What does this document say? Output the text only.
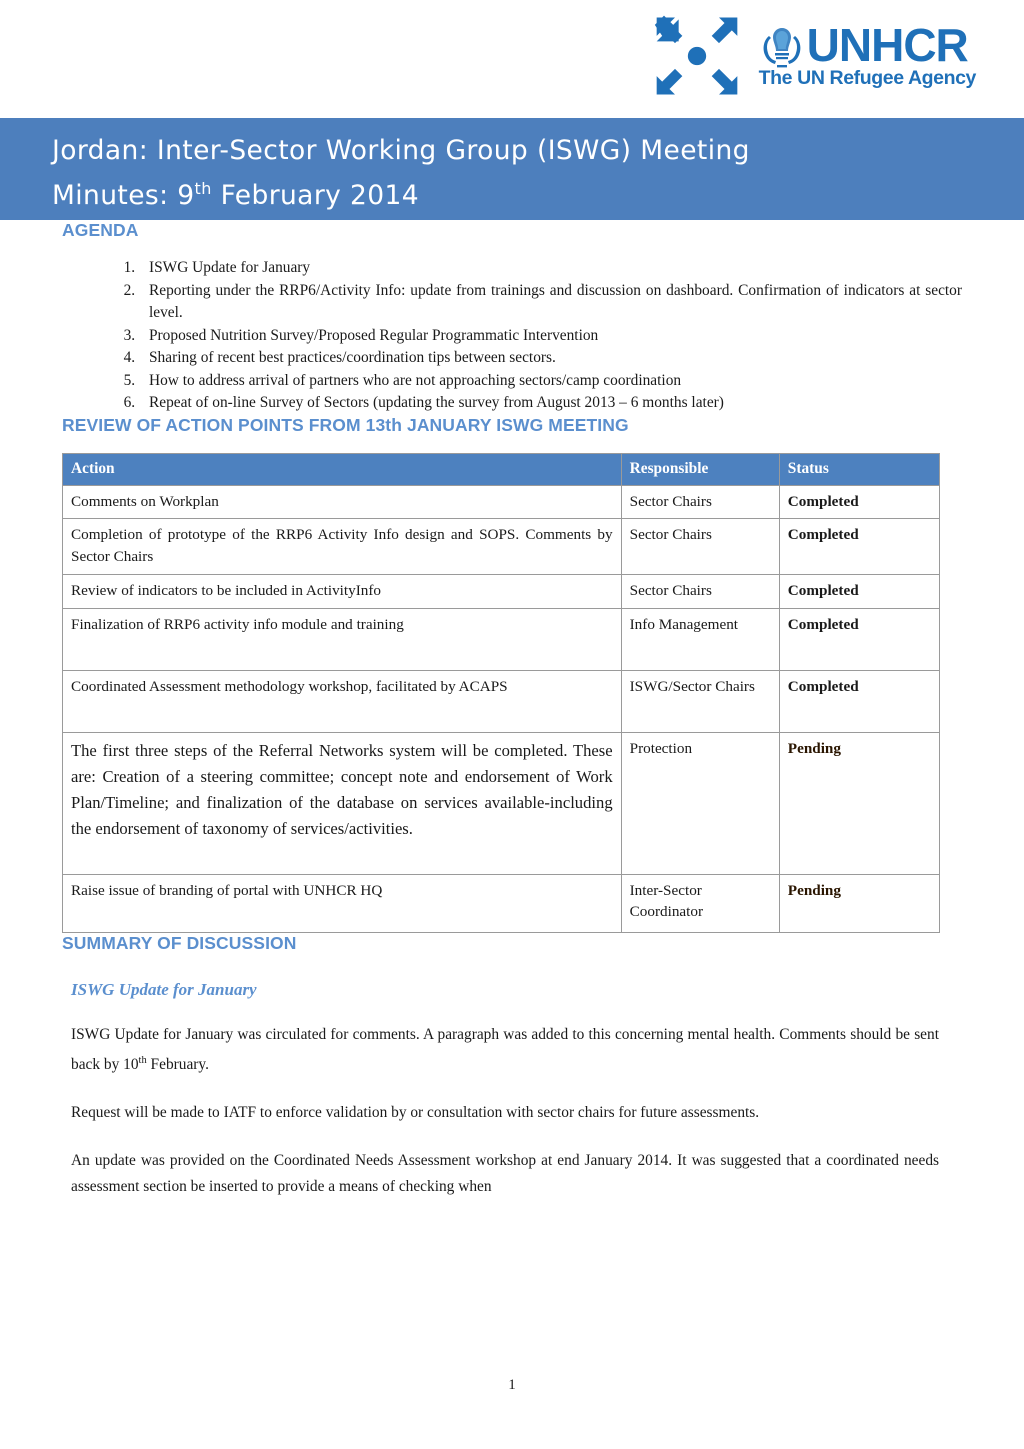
UNHCR
The UN Refugee Agency
Jordan: Inter-Sector Working Group (ISWG) Meeting
Minutes: 9th February 2014
AGENDA
1. ISWG Update for January
2. Reporting under the RRP6/Activity Info: update from trainings and discussion on dashboard. Confirmation of indicators at sector level.
3. Proposed Nutrition Survey/Proposed Regular Programmatic Intervention
4. Sharing of recent best practices/coordination tips between sectors.
5. How to address arrival of partners who are not approaching sectors/camp coordination
6. Repeat of on-line Survey of Sectors (updating the survey from August 2013 – 6 months later)
REVIEW OF ACTION POINTS FROM 13th JANUARY ISWG MEETING
Action	Responsible	Status
Comments on Workplan	Sector Chairs	Completed
Completion of prototype of the RRP6 Activity Info design and SOPS. Comments by Sector Chairs	Sector Chairs	Completed
Review of indicators to be included in ActivityInfo	Sector Chairs	Completed
Finalization of RRP6 activity info module and training	Info Management	Completed
Coordinated Assessment methodology workshop, facilitated by ACAPS	ISWG/Sector Chairs	Completed
The first three steps of the Referral Networks system will be completed. These are: Creation of a steering committee; concept note and endorsement of Work Plan/Timeline; and finalization of the database on services available-including the endorsement of taxonomy of services/activities.	Protection	Pending
Raise issue of branding of portal with UNHCR HQ	Inter-Sector Coordinator	Pending
SUMMARY OF DISCUSSION
ISWG Update for January

ISWG Update for January was circulated for comments. A paragraph was added to this concerning mental health. Comments should be sent back by 10th February.

Request will be made to IATF to enforce validation by or consultation with sector chairs for future assessments.

An update was provided on the Coordinated Needs Assessment workshop at end January 2014. It was suggested that a coordinated needs assessment section be inserted to provide a means of checking when

1
